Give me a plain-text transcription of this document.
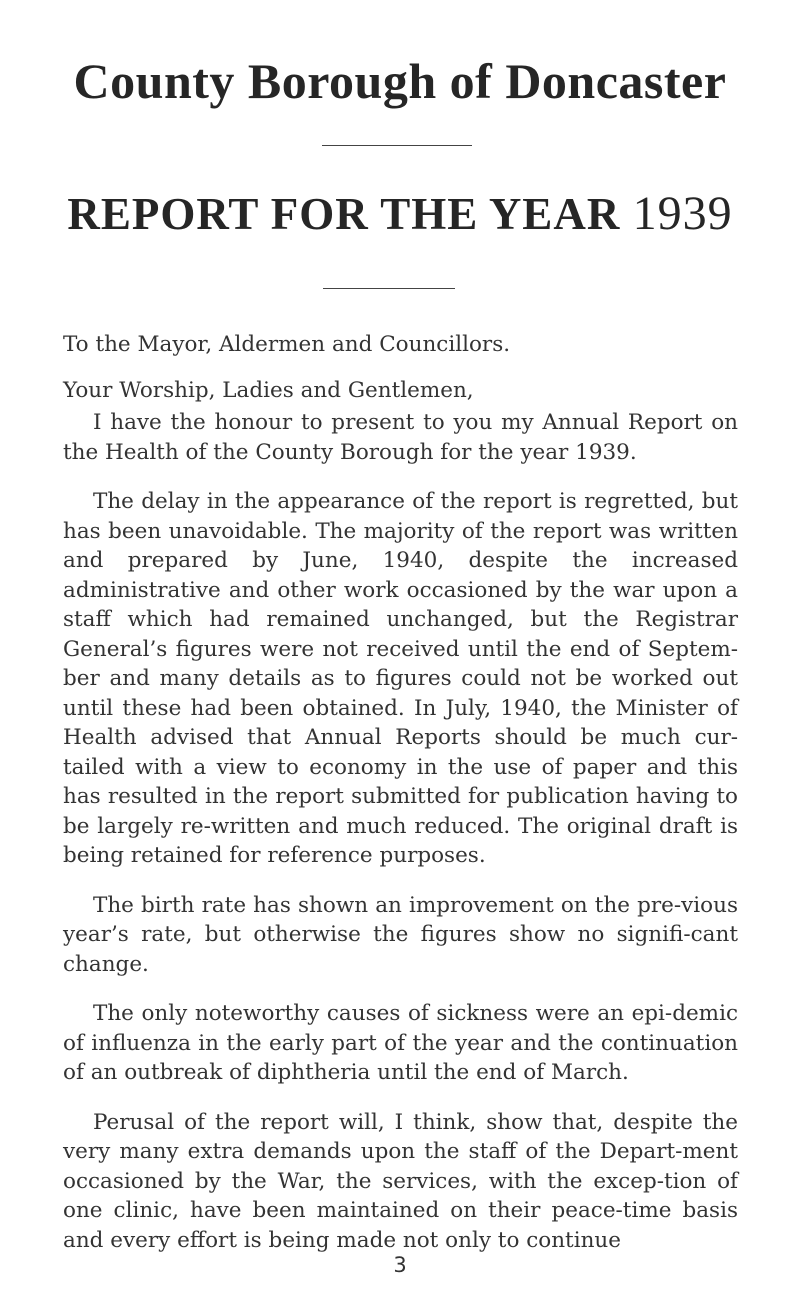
County Borough of Doncaster
REPORT FOR THE YEAR 1939

To the Mayor, Aldermen and Councillors.

Your Worship, Ladies and Gentlemen,

I have the honour to present to you my Annual Report on the Health of the County Borough for the year 1939.

The delay in the appearance of the report is regretted, but has been unavoidable. The majority of the report was written and prepared by June, 1940, despite the increased administrative and other work occasioned by the war upon a staff which had remained unchanged, but the Registrar General’s figures were not received until the end of Septem-ber and many details as to figures could not be worked out until these had been obtained. In July, 1940, the Minister of Health advised that Annual Reports should be much cur-tailed with a view to economy in the use of paper and this has resulted in the report submitted for publication having to be largely re-written and much reduced. The original draft is being retained for reference purposes.

The birth rate has shown an improvement on the pre-vious year’s rate, but otherwise the figures show no signifi-cant change.

The only noteworthy causes of sickness were an epi-demic of influenza in the early part of the year and the continuation of an outbreak of diphtheria until the end of March.

Perusal of the report will, I think, show that, despite the very many extra demands upon the staff of the Depart-ment occasioned by the War, the services, with the excep-tion of one clinic, have been maintained on their peace-time basis and every effort is being made not only to continue

3
